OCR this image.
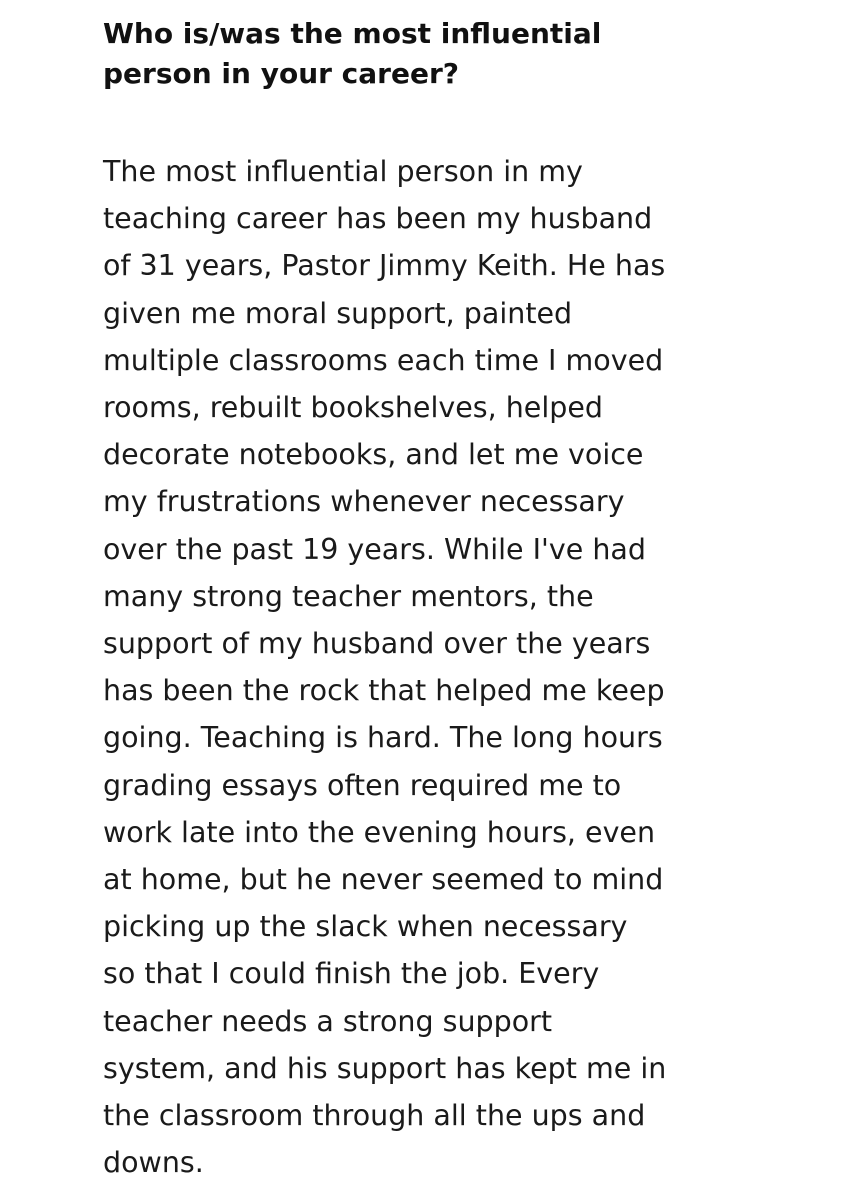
Who is/was the most influential
person in your career?

The most influential person in my
teaching career has been my husband
of 31 years, Pastor Jimmy Keith. He has
given me moral support, painted
multiple classrooms each time I moved
rooms, rebuilt bookshelves, helped
decorate notebooks, and let me voice
my frustrations whenever necessary
over the past 19 years. While I've had
many strong teacher mentors, the
support of my husband over the years
has been the rock that helped me keep
going. Teaching is hard. The long hours
grading essays often required me to
work late into the evening hours, even
at home, but he never seemed to mind
picking up the slack when necessary
so that I could finish the job. Every
teacher needs a strong support
system, and his support has kept me in
the classroom through all the ups and
downs.
